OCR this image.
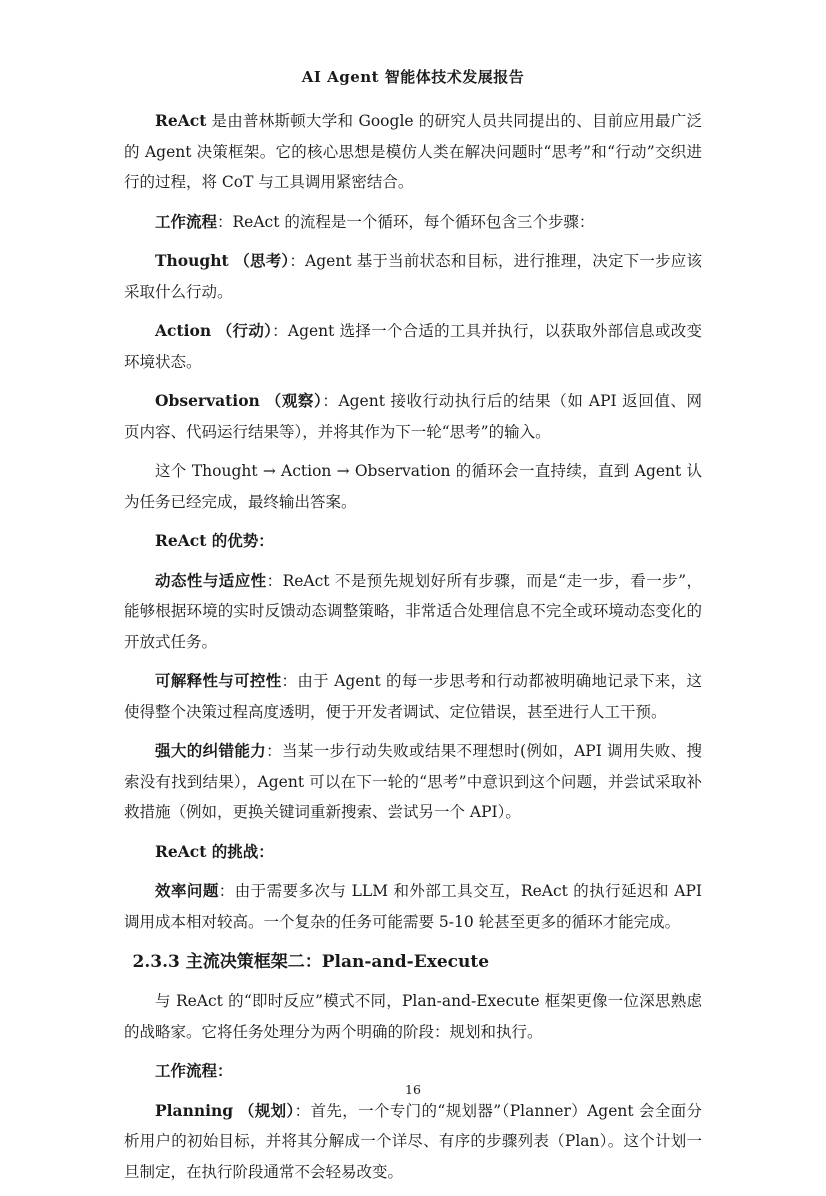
AI Agent 智能体技术发展报告

ReAct 是由普林斯顿大学和 Google 的研究人员共同提出的、目前应用最广泛的 Agent 决策框架。它的核心思想是模仿人类在解决问题时“思考”和“行动”交织进行的过程，将 CoT 与工具调用紧密结合。

工作流程：ReAct 的流程是一个循环，每个循环包含三个步骤：

Thought （思考）：Agent 基于当前状态和目标，进行推理，决定下一步应该采取什么行动。

Action （行动）：Agent 选择一个合适的工具并执行，以获取外部信息或改变环境状态。

Observation （观察）：Agent 接收行动执行后的结果（如 API 返回值、网页内容、代码运行结果等），并将其作为下一轮“思考”的输入。

这个 Thought → Action → Observation 的循环会一直持续，直到 Agent 认为任务已经完成，最终输出答案。

ReAct 的优势：

动态性与适应性：ReAct 不是预先规划好所有步骤，而是“走一步，看一步”，能够根据环境的实时反馈动态调整策略，非常适合处理信息不完全或环境动态变化的开放式任务。

可解释性与可控性：由于 Agent 的每一步思考和行动都被明确地记录下来，这使得整个决策过程高度透明，便于开发者调试、定位错误，甚至进行人工干预。

强大的纠错能力：当某一步行动失败或结果不理想时(例如，API 调用失败、搜索没有找到结果），Agent 可以在下一轮的“思考”中意识到这个问题，并尝试采取补救措施（例如，更换关键词重新搜索、尝试另一个 API）。

ReAct 的挑战：

效率问题：由于需要多次与 LLM 和外部工具交互，ReAct 的执行延迟和 API 调用成本相对较高。一个复杂的任务可能需要 5-10 轮甚至更多的循环才能完成。

2.3.3 主流决策框架二：Plan-and-Execute

与 ReAct 的“即时反应”模式不同，Plan-and-Execute 框架更像一位深思熟虑的战略家。它将任务处理分为两个明确的阶段：规划和执行。

工作流程：

Planning （规划）：首先，一个专门的“规划器”（Planner）Agent 会全面分析用户的初始目标，并将其分解成一个详尽、有序的步骤列表（Plan）。这个计划一旦制定，在执行阶段通常不会轻易改变。

16
